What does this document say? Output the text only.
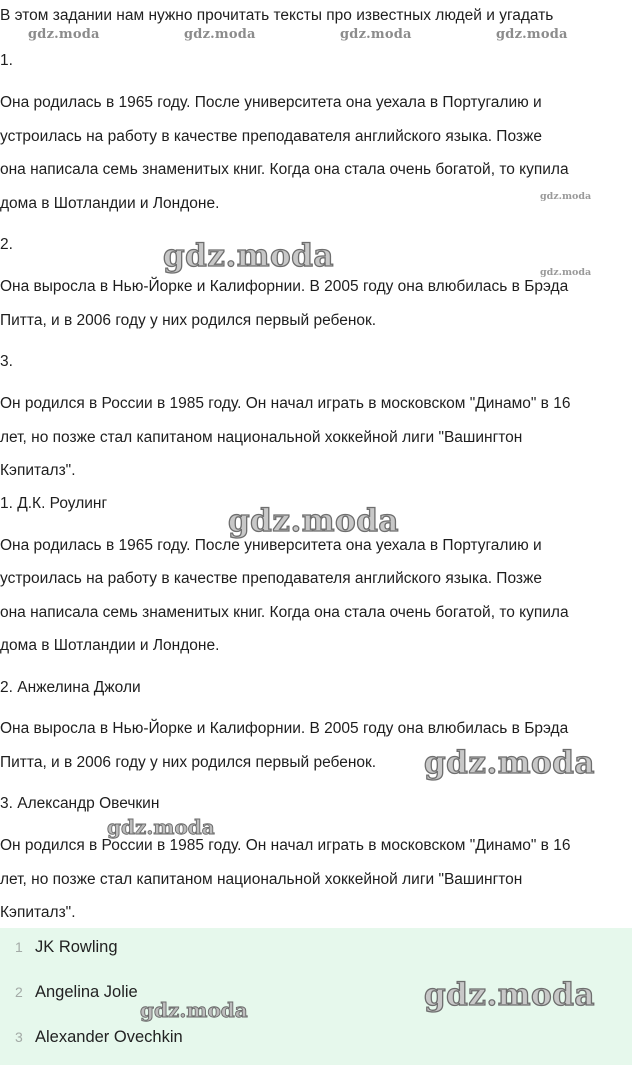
В этом задании нам нужно прочитать тексты про известных людей и угадать
gdz.moda	gdz.moda	gdz.moda	gdz.moda
1.
Она родилась в 1965 году. После университета она уехала в Португалию и
устроилась на работу в качестве преподавателя английского языка. Позже
она написала семь знаменитых книг. Когда она стала очень богатой, то купила
gdz.moda
дома в Шотландии и Лондоне.
2.	gdz.moda	gdz.moda
Она выросла в Нью-Йорке и Калифорнии. В 2005 году она влюбилась в Брэда
Питта, и в 2006 году у них родился первый ребенок.
3.
Он родился в России в 1985 году. Он начал играть в московском "Динамо" в 16
лет, но позже стал капитаном национальной хоккейной лиги "Вашингтон
Кэпиталз".
1. Д.К. Роулинг	gdz.moda
Она родилась в 1965 году. После университета она уехала в Португалию и
устроилась на работу в качестве преподавателя английского языка. Позже
она написала семь знаменитых книг. Когда она стала очень богатой, то купила
дома в Шотландии и Лондоне.
2. Анжелина Джоли
Она выросла в Нью-Йорке и Калифорнии. В 2005 году она влюбилась в Брэда
Питта, и в 2006 году у них родился первый ребенок. gdz.moda
3. Александр Овечкин
gdz.moda
Он родился в России в 1985 году. Он начал играть в московском "Динамо" в 16
лет, но позже стал капитаном национальной хоккейной лиги "Вашингтон
Кэпиталз".
1 JK Rowling
2 Angelina Jolie
3 Alexander Ovechkin
gdz.moda
gdz.moda
